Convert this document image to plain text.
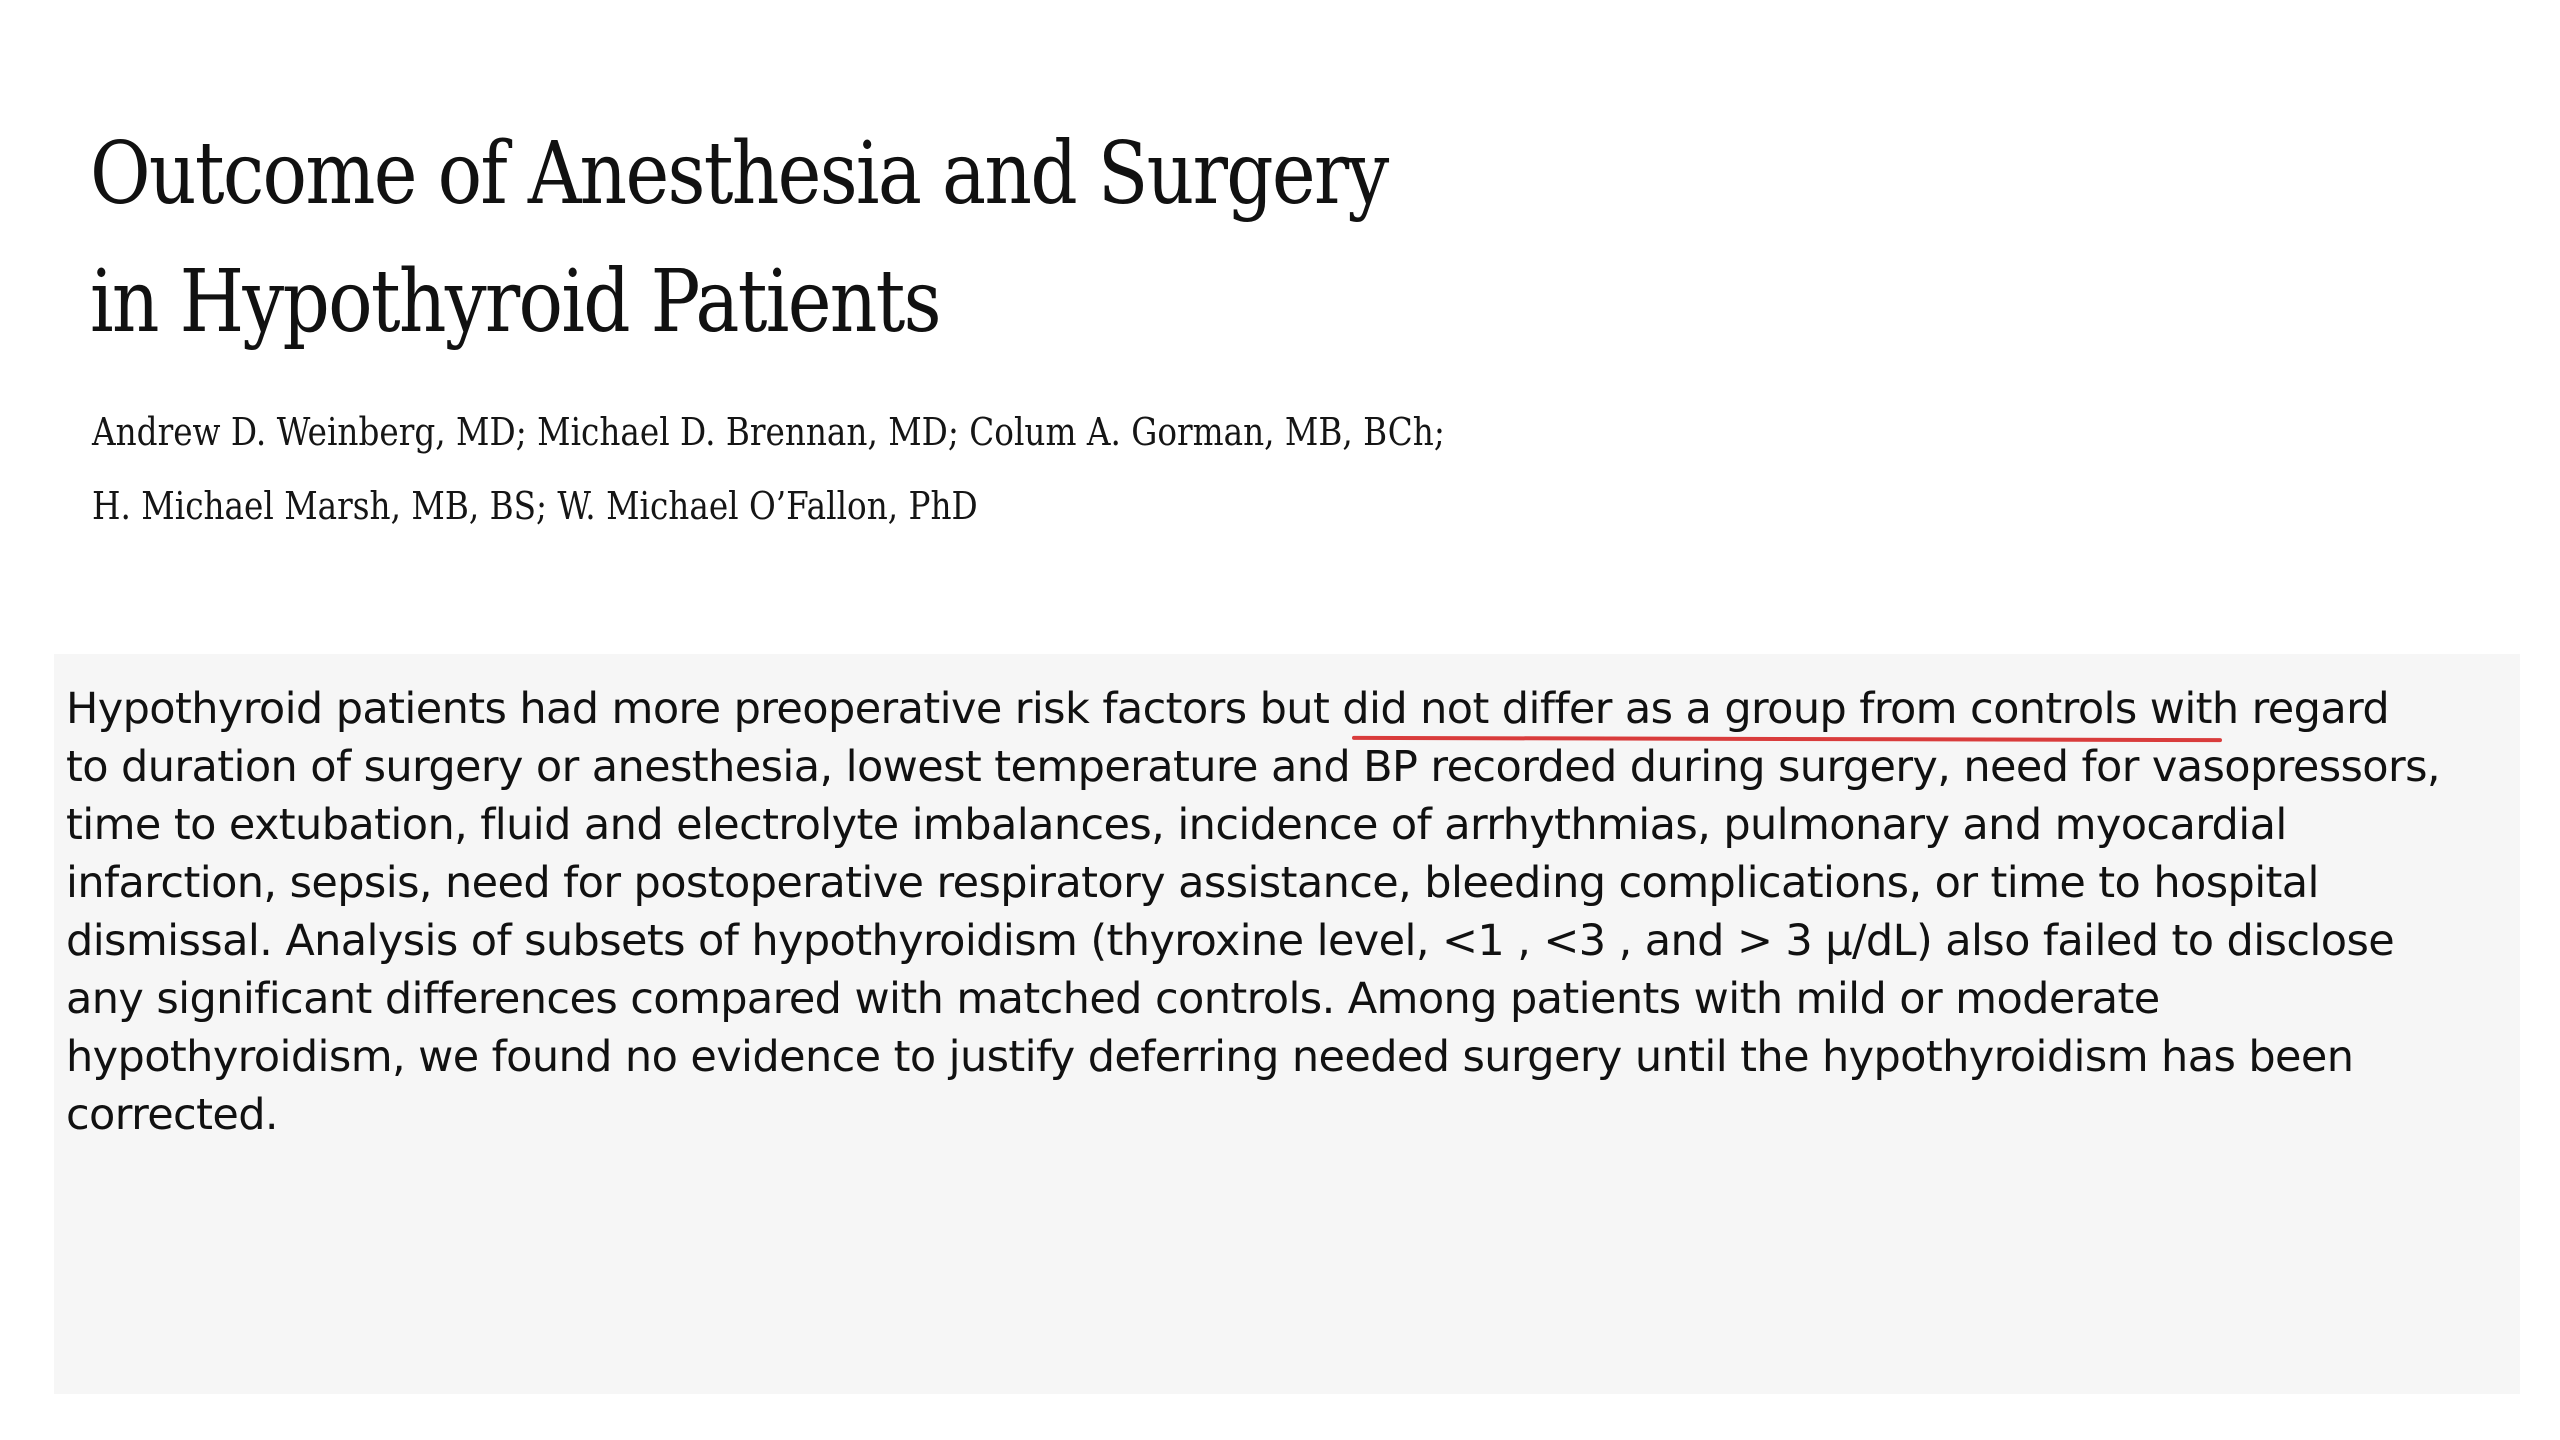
Outcome of Anesthesia and Surgery
in Hypothyroid Patients

Andrew D. Weinberg, MD; Michael D. Brennan, MD; Colum A. Gorman, MB, BCh;
H. Michael Marsh, MB, BS; W. Michael O’Fallon, PhD

Hypothyroid patients had more preoperative risk factors but did not differ as a group from controls with regard
to duration of surgery or anesthesia, lowest temperature and BP recorded during surgery, need for vasopressors,
time to extubation, fluid and electrolyte imbalances, incidence of arrhythmias, pulmonary and myocardial
infarction, sepsis, need for postoperative respiratory assistance, bleeding complications, or time to hospital
dismissal. Analysis of subsets of hypothyroidism (thyroxine level, <1 , <3 , and > 3 μ/dL) also failed to disclose
any significant differences compared with matched controls. Among patients with mild or moderate
hypothyroidism, we found no evidence to justify deferring needed surgery until the hypothyroidism has been
corrected.
